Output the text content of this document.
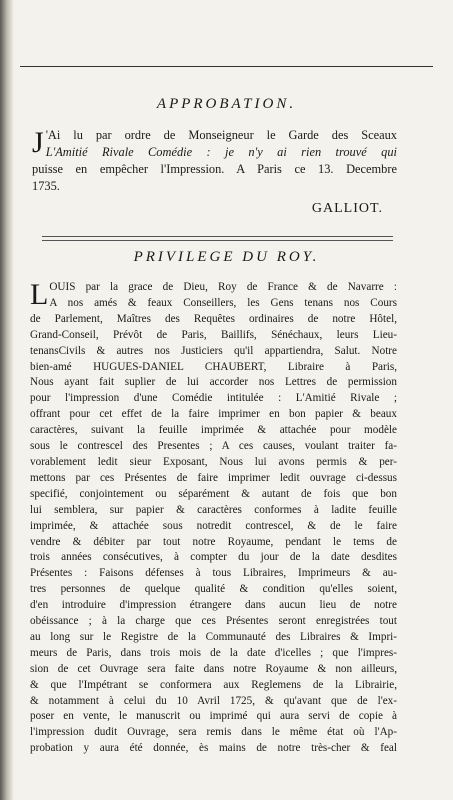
APPROBATION.
J 'Ai lu par ordre de Monseigneur le Garde des Sceaux
L'Amitié Rivale Comédie : je n'y ai rien trouvé qui
puisse en empêcher l'Impression. A Paris ce 13. Decembre
1735.
GALLIOT.
PRIVILEGE DU ROY.
L OUIS par la grace de Dieu, Roy de France & de Navarre :
A nos amés & feaux Conseillers, les Gens tenans nos Cours
de Parlement, Maîtres des Requêtes ordinaires de notre Hôtel,
Grand-Conseil, Prévôt de Paris, Baillifs, Sénéchaux, leurs Lieu-
tenansCivils & autres nos Justiciers qu'il appartiendra, Salut. Notre
bien-amé HUGUES-DANIEL CHAUBERT, Libraire à Paris,
Nous ayant fait suplier de lui accorder nos Lettres de permission
pour l'impression d'une Comédie intitulée : L'Amitié Rivale ;
offrant pour cet effet de la faire imprimer en bon papier & beaux
caractères, suivant la feuille imprimée & attachée pour modèle
sous le contrescel des Presentes ; A ces causes, voulant traiter fa-
vorablement ledit sieur Exposant, Nous lui avons permis & per-
mettons par ces Présentes de faire imprimer ledit ouvrage ci-dessus
specifié, conjointement ou séparément & autant de fois que bon
lui semblera, sur papier & caractères conformes à ladite feuille
imprimée, & attachée sous notredit contrescel, & de le faire
vendre & débiter par tout notre Royaume, pendant le tems de
trois années consécutives, à compter du jour de la date desdites
Présentes : Faisons défenses à tous Libraires, Imprimeurs & au-
tres personnes de quelque qualité & condition qu'elles soient,
d'en introduire d'impression étrangere dans aucun lieu de notre
obéissance ; à la charge que ces Présentes seront enregistrées tout
au long sur le Registre de la Communauté des Libraires & Impri-
meurs de Paris, dans trois mois de la date d'icelles ; que l'impres-
sion de cet Ouvrage sera faite dans notre Royaume & non ailleurs,
& que l'Impétrant se conformera aux Reglemens de la Librairie,
& notamment à celui du 10 Avril 1725, & qu'avant que de l'ex-
poser en vente, le manuscrit ou imprimé qui aura servi de copie à
l'impression dudit Ouvrage, sera remis dans le même état où l'Ap-
probation y aura été donnée, ès mains de notre très-cher & feal
